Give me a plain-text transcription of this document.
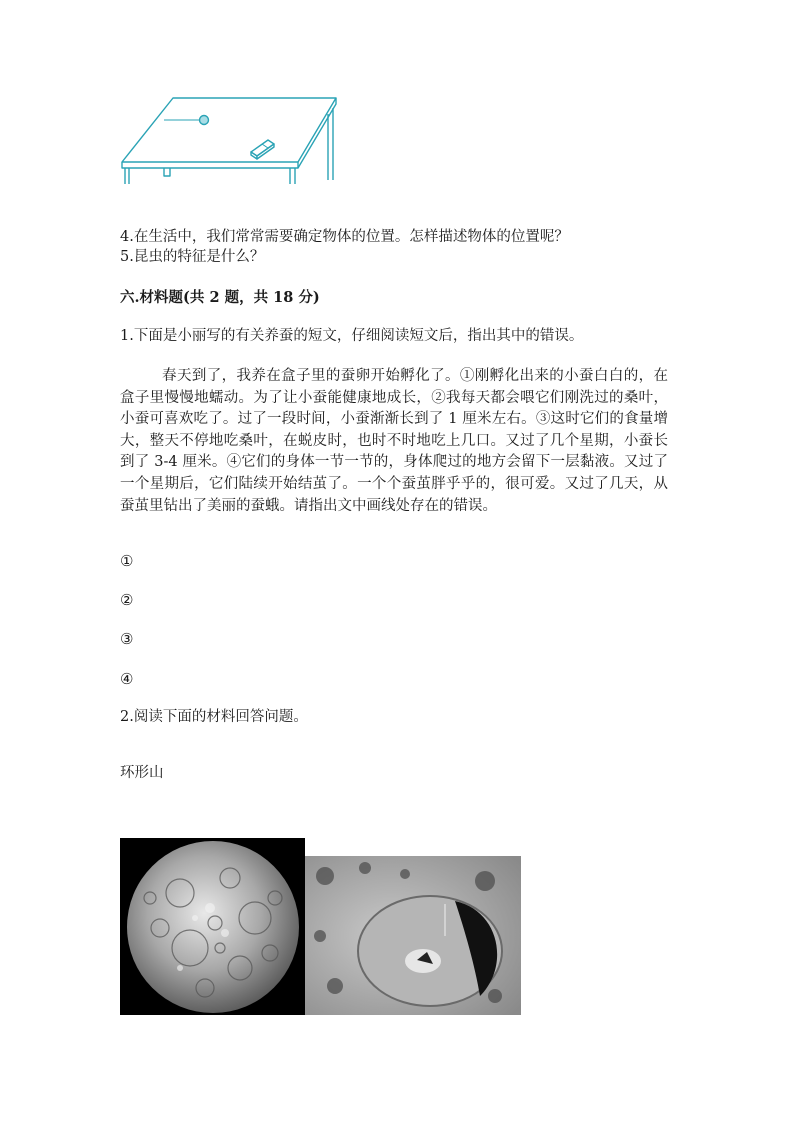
4.在生活中，我们常常需要确定物体的位置。怎样描述物体的位置呢？
5.昆虫的特征是什么？
六.材料题(共 2 题，共 18 分)
1.下面是小丽写的有关养蚕的短文，仔细阅读短文后，指出其中的错误。
春天到了，我养在盒子里的蚕卵开始孵化了。①刚孵化出来的小蚕白白的，在盒子里慢慢地蠕动。为了让小蚕能健康地成长，②我每天都会喂它们刚洗过的桑叶，小蚕可喜欢吃了。过了一段时间，小蚕渐渐长到了 1 厘米左右。③这时它们的食量增大，整天不停地吃桑叶，在蜕皮时，也时不时地吃上几口。又过了几个星期，小蚕长到了 3-4 厘米。④它们的身体一节一节的，身体爬过的地方会留下一层黏液。又过了一个星期后，它们陆续开始结茧了。一个个蚕茧胖乎乎的，很可爱。又过了几天，从蚕茧里钻出了美丽的蚕蛾。请指出文中画线处存在的错误。
①
②
③
④
2.阅读下面的材料回答问题。
环形山
